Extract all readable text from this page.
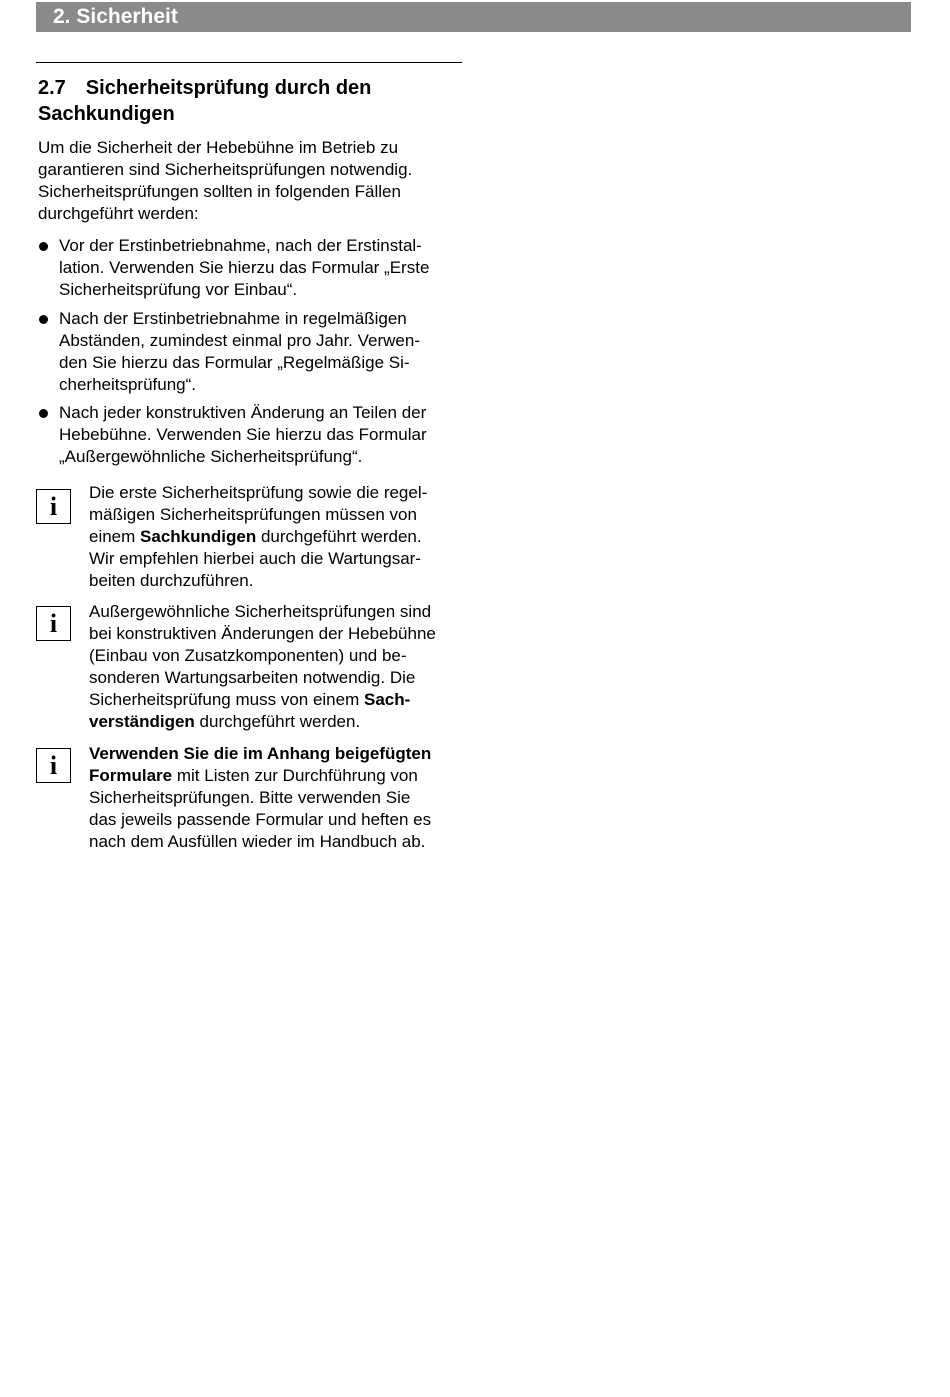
2. Sicherheit
2.7 Sicherheitsprüfung durch den
Sachkundigen

Um die Sicherheit der Hebebühne im Betrieb zu
garantieren sind Sicherheitsprüfungen notwendig.
Sicherheitsprüfungen sollten in folgenden Fällen
durchgeführt werden:

Vor der Erstinbetriebnahme, nach der Erstinstal-
lation. Verwenden Sie hierzu das Formular „Erste
Sicherheitsprüfung vor Einbau“.
Nach der Erstinbetriebnahme in regelmäßigen
Abständen, zumindest einmal pro Jahr. Verwen-
den Sie hierzu das Formular „Regelmäßige Si-
cherheitsprüfung“.
Nach jeder konstruktiven Änderung an Teilen der
Hebebühne. Verwenden Sie hierzu das Formular
„Außergewöhnliche Sicherheitsprüfung“.
i	Die erste Sicherheitsprüfung sowie die regel-
mäßigen Sicherheitsprüfungen müssen von
einem Sachkundigen durchgeführt werden.
Wir empfehlen hierbei auch die Wartungsar-
beiten durchzuführen.
i	Außergewöhnliche Sicherheitsprüfungen sind
bei konstruktiven Änderungen der Hebebühne
(Einbau von Zusatzkomponenten) und be-
sonderen Wartungsarbeiten notwendig. Die
Sicherheitsprüfung muss von einem Sach-
verständigen durchgeführt werden.
i	Verwenden Sie die im Anhang beigefügten
Formulare mit Listen zur Durchführung von
Sicherheitsprüfungen. Bitte verwenden Sie
das jeweils passende Formular und heften es
nach dem Ausfüllen wieder im Handbuch ab.
